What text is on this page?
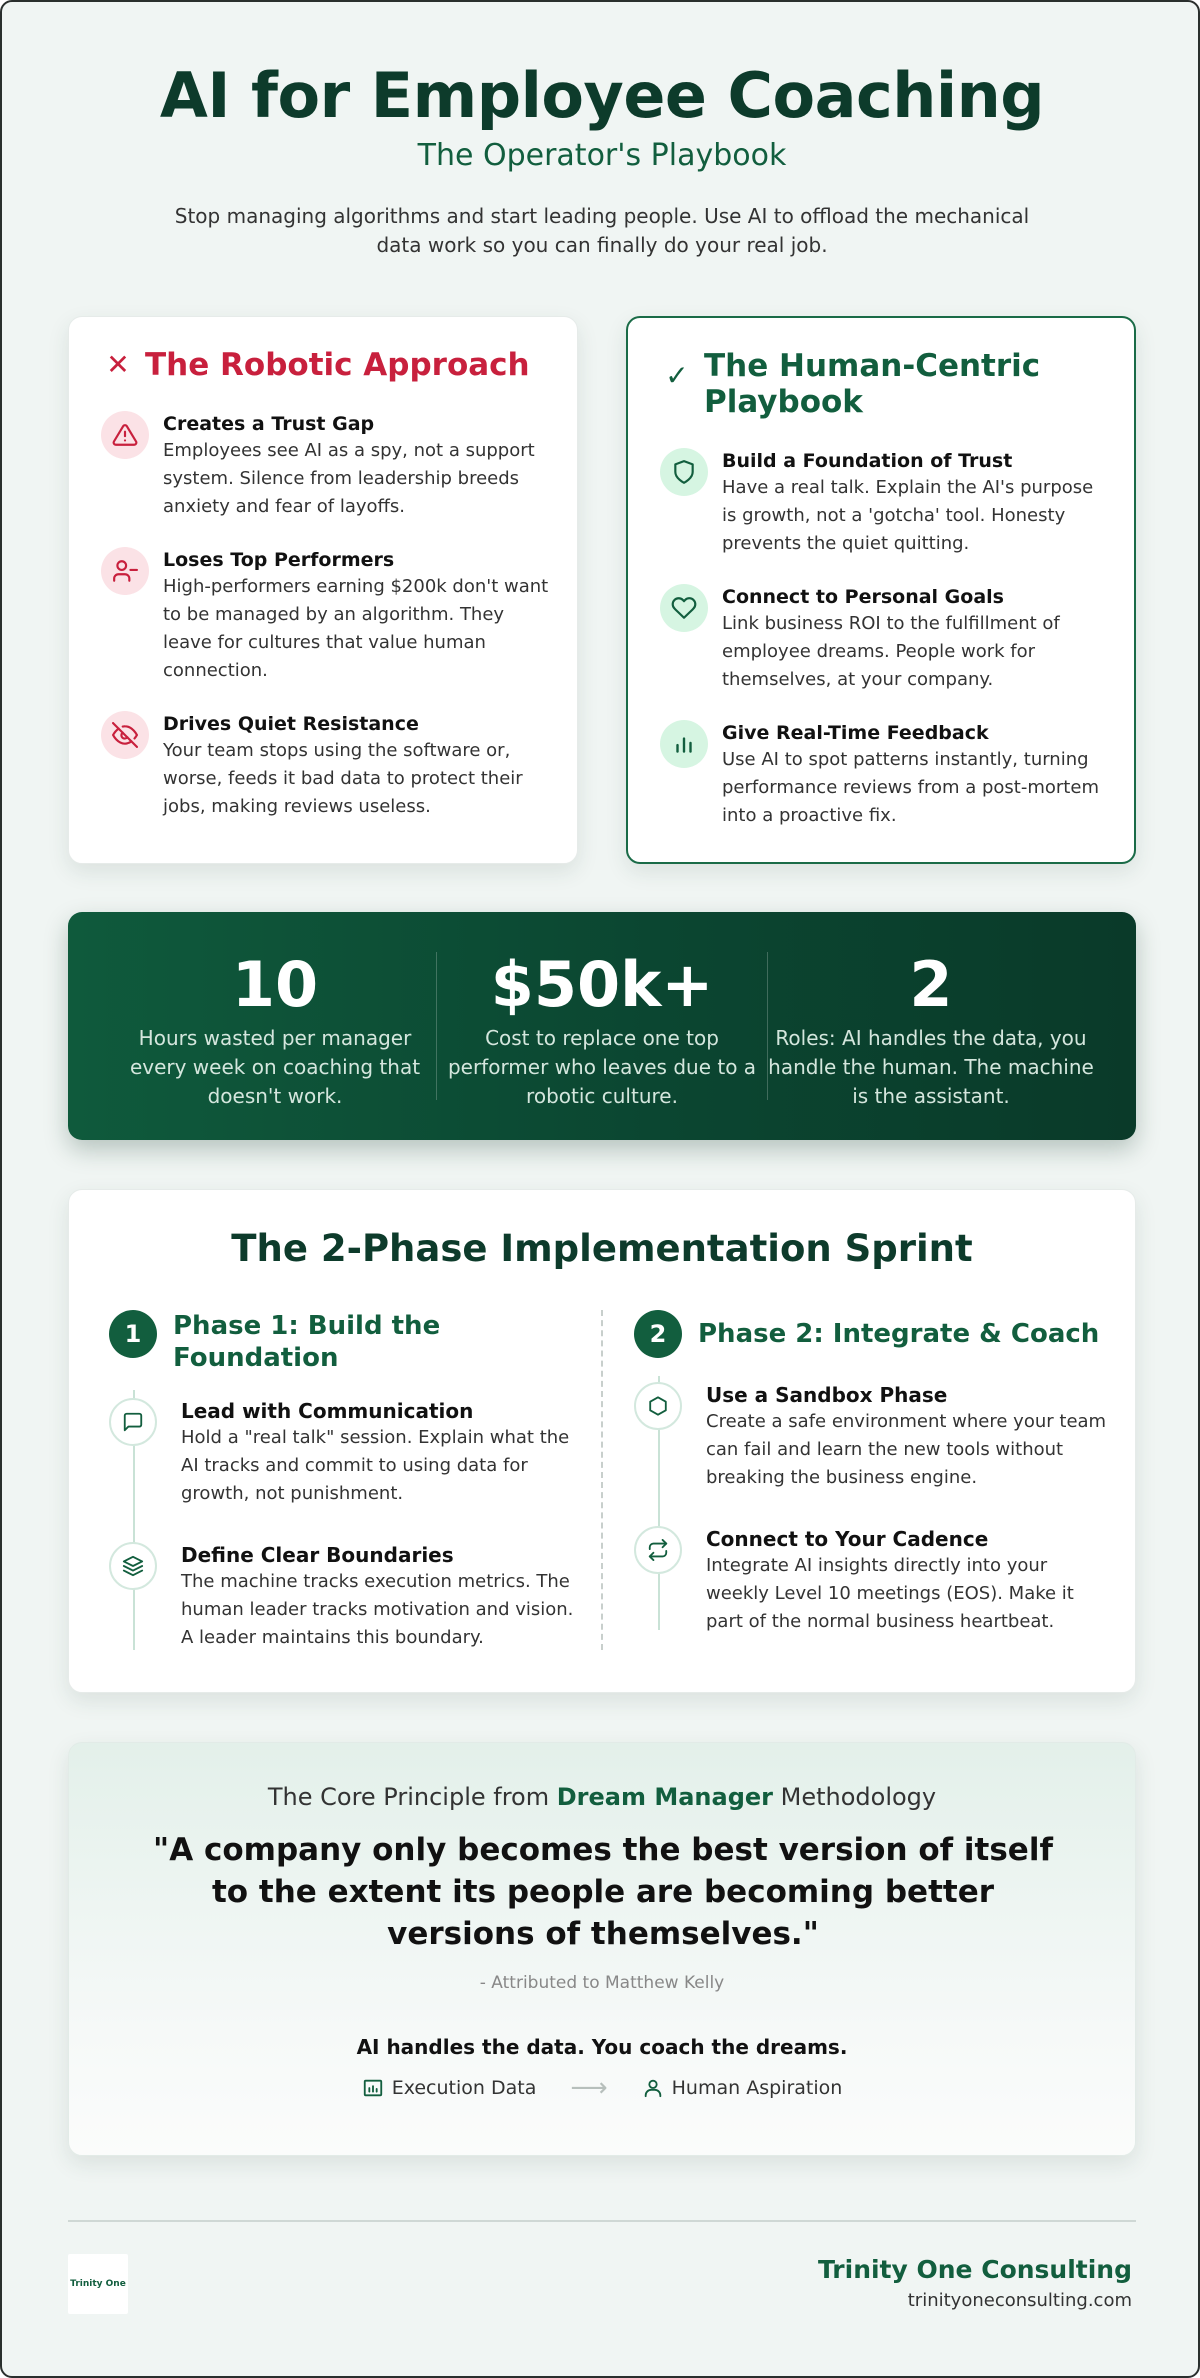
AI for Employee Coaching
The Operator's Playbook
Stop managing algorithms and start leading people. Use AI to offload the mechanical data work so you can finally do your real job.
✕ The Robotic Approach
Creates a Trust Gap
Employees see AI as a spy, not a support system. Silence from leadership breeds anxiety and fear of layoffs.
Loses Top Performers
High-performers earning $200k don't want to be managed by an algorithm. They leave for cultures that value human connection.
Drives Quiet Resistance
Your team stops using the software or, worse, feeds it bad data to protect their jobs, making reviews useless.
✓ The Human-Centric Playbook
Build a Foundation of Trust
Have a real talk. Explain the AI's purpose is growth, not a 'gotcha' tool. Honesty prevents the quiet quitting.
Connect to Personal Goals
Link business ROI to the fulfillment of employee dreams. People work for themselves, at your company.
Give Real-Time Feedback
Use AI to spot patterns instantly, turning performance reviews from a post-mortem into a proactive fix.
10
Hours wasted per manager every week on coaching that doesn't work.
$50k+
Cost to replace one top performer who leaves due to a robotic culture.
2
Roles: AI handles the data, you handle the human. The machine is the assistant.
The 2-Phase Implementation Sprint
1	Phase 1: Build the Foundation
Lead with Communication
Hold a "real talk" session. Explain what the AI tracks and commit to using data for growth, not punishment.
Define Clear Boundaries
The machine tracks execution metrics. The human leader tracks motivation and vision. A leader maintains this boundary.
2	Phase 2: Integrate & Coach
Use a Sandbox Phase
Create a safe environment where your team can fail and learn the new tools without breaking the business engine.
Connect to Your Cadence
Integrate AI insights directly into your weekly Level 10 meetings (EOS). Make it part of the normal business heartbeat.
The Core Principle from Dream Manager Methodology
"A company only becomes the best version of itself to the extent its people are becoming better versions of themselves."
- Attributed to Matthew Kelly
AI handles the data. You coach the dreams.
Execution Data ⟶	Human Aspiration
Trinity One	Trinity One Consulting
trinityoneconsulting.com
